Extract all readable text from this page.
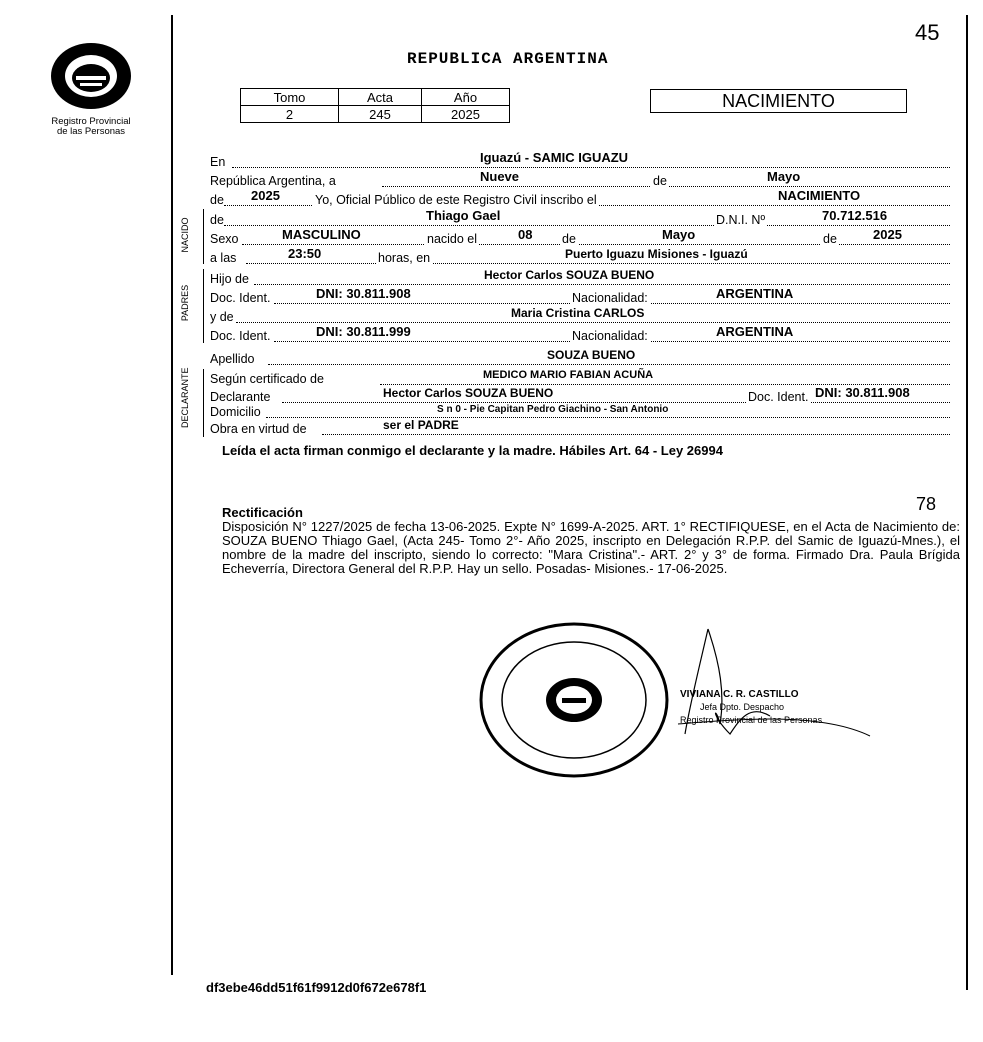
Registro Provincial
de las Personas
45
REPUBLICA ARGENTINA
Tomo	Acta	Año
2	245	2025
NACIMIENTO
En	Iguazú - SAMIC IGUAZU
República Argentina, a	Nueve	de	Mayo
de 2025	Yo, Oficial Público de este Registro Civil inscribo el	NACIMIENTO
NACIDO de	Thiago Gael	D.N.I. Nº	70.712.516
Sexo	MASCULINO	nacido el	08 de	Mayo	de	2025
a las	23:50	horas, en	Puerto Iguazu Misiones - Iguazú
PADRES
Hijo de	Hector Carlos SOUZA BUENO
Doc. Ident.	DNI: 30.811.908	Nacionalidad:	ARGENTINA
y de	Maria Cristina CARLOS
Doc. Ident.	DNI: 30.811.999	Nacionalidad:	ARGENTINA
Apellido	SOUZA BUENO
DECLARANTE Según certificado de	MEDICO MARIO FABIAN ACUÑA
Declarante	Hector Carlos SOUZA BUENO	Doc. Ident. DNI: 30.811.908
Domicilio	S n 0 - Pie Capitan Pedro Giachino - San Antonio
Obra en virtud de	ser el PADRE
Leída el acta firman conmigo el declarante y la madre. Hábiles Art. 64 - Ley 26994
78
Rectificación
Disposición N° 1227/2025 de fecha 13-06-2025. Expte N° 1699-A-2025. ART. 1° RECTIFIQUESE, en el Acta de Nacimiento de: SOUZA BUENO Thiago Gael, (Acta 245- Tomo 2°- Año 2025, inscripto en Delegación R.P.P. del Samic de Iguazú-Mnes.), el nombre de la madre del inscripto, siendo lo correcto: "Mara Cristina".- ART. 2° y 3° de forma. Firmado Dra. Paula Brígida Echeverría, Directora General del R.P.P. Hay un sello. Posadas- Misiones.- 17-06-2025.
VIVIANA C. R. CASTILLO
Jefa Dpto. Despacho
Registro Provincial de las Personas
df3ebe46dd51f61f9912d0f672e678f1
